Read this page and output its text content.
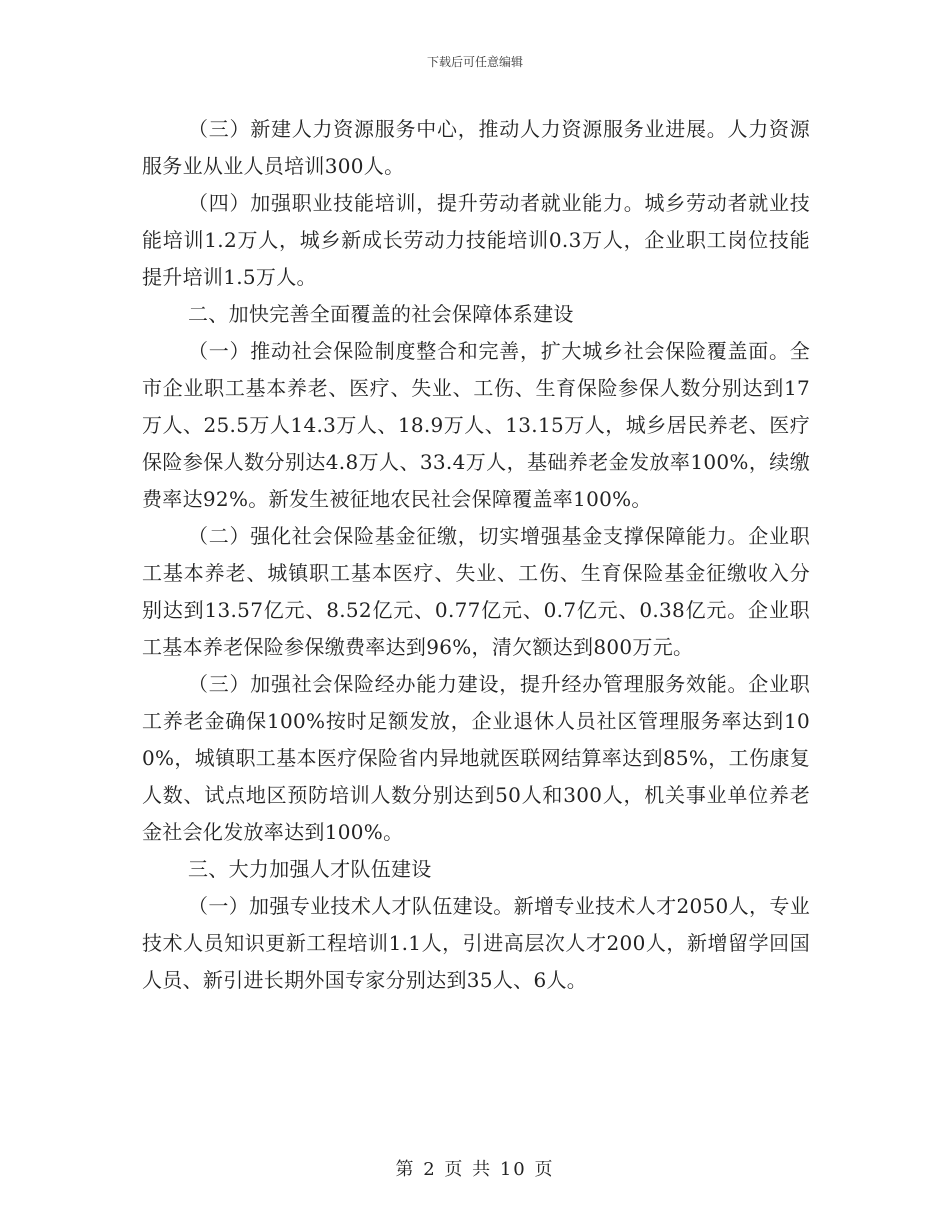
下载后可任意编辑

（三）新建人力资源服务中心，推动人力资源服务业进展。人力资源服务业从业人员培训300人。

（四）加强职业技能培训，提升劳动者就业能力。城乡劳动者就业技能培训1.2万人，城乡新成长劳动力技能培训0.3万人，企业职工岗位技能提升培训1.5万人。

二、加快完善全面覆盖的社会保障体系建设

（一）推动社会保险制度整合和完善，扩大城乡社会保险覆盖面。全市企业职工基本养老、医疗、失业、工伤、生育保险参保人数分别达到17万人、25.5万人14.3万人、18.9万人、13.15万人，城乡居民养老、医疗保险参保人数分别达4.8万人、33.4万人，基础养老金发放率100%，续缴费率达92%。新发生被征地农民社会保障覆盖率100%。

（二）强化社会保险基金征缴，切实增强基金支撑保障能力。企业职工基本养老、城镇职工基本医疗、失业、工伤、生育保险基金征缴收入分别达到13.57亿元、8.52亿元、0.77亿元、0.7亿元、0.38亿元。企业职工基本养老保险参保缴费率达到96%，清欠额达到800万元。

（三）加强社会保险经办能力建设，提升经办管理服务效能。企业职工养老金确保100%按时足额发放，企业退休人员社区管理服务率达到100%，城镇职工基本医疗保险省内异地就医联网结算率达到85%，工伤康复人数、试点地区预防培训人数分别达到50人和300人，机关事业单位养老金社会化发放率达到100%。

三、大力加强人才队伍建设

（一）加强专业技术人才队伍建设。新增专业技术人才2050人，专业技术人员知识更新工程培训1.1人，引进高层次人才200人，新增留学回国人员、新引进长期外国专家分别达到35人、6人。

第 2 页 共 10 页
